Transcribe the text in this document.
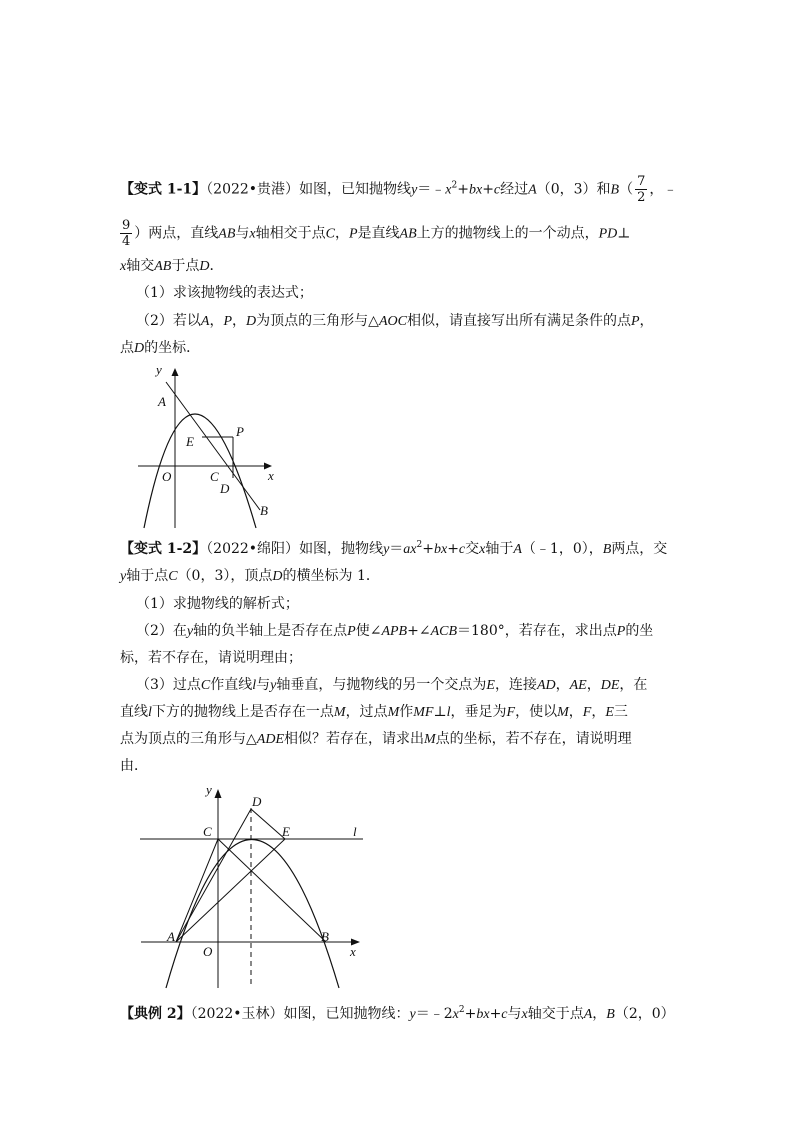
【变式 1-1】（2022•贵港）如图，已知抛物线$y=﹣x^2+bx+c$经过A（0，3）和$B( \frac{7}{2}$ ，﹣
$\frac{9}{4}$ ）两点，直线AB与x轴相交于点C，P是直线AB上方的抛物线上的一个动点，PD⊥
x轴交AB于点D．
（1）求该抛物线的表达式；
（2）若以A，P，D为顶点的三角形与△AOC相似，请直接写出所有满足条件的点P，
点D的坐标．
y
A
P
E
O	C
D
x
B
【变式 1-2】（2022•绵阳）如图，抛物线$y=ax^2+bx+c$交x轴于A（﹣1，0），B两点，交
y轴于点C（0，3），顶点D的横坐标为 1．
（1）求抛物线的解析式；
（2）在y轴的负半轴上是否存在点P使∠APB+∠ACB＝180°，若存在，求出点P的坐
标，若不存在，请说明理由；
（3）过点C作直线l与y轴垂直，与抛物线的另一个交点为E，连接AD，AE，DE，在
直线l下方的抛物线上是否存在一点M，过点M作MF⊥l，垂足为F，使以M，F，E三
点为顶点的三角形与△ADE相似？若存在，请求出M点的坐标，若不存在，请说明理
由．
y
D
C	E	l
A
O
B
x
【典例 2】（2022•玉林）如图，已知抛物线：$y=﹣2x^2+bx+c$与x轴交于点A，B（2，0）
